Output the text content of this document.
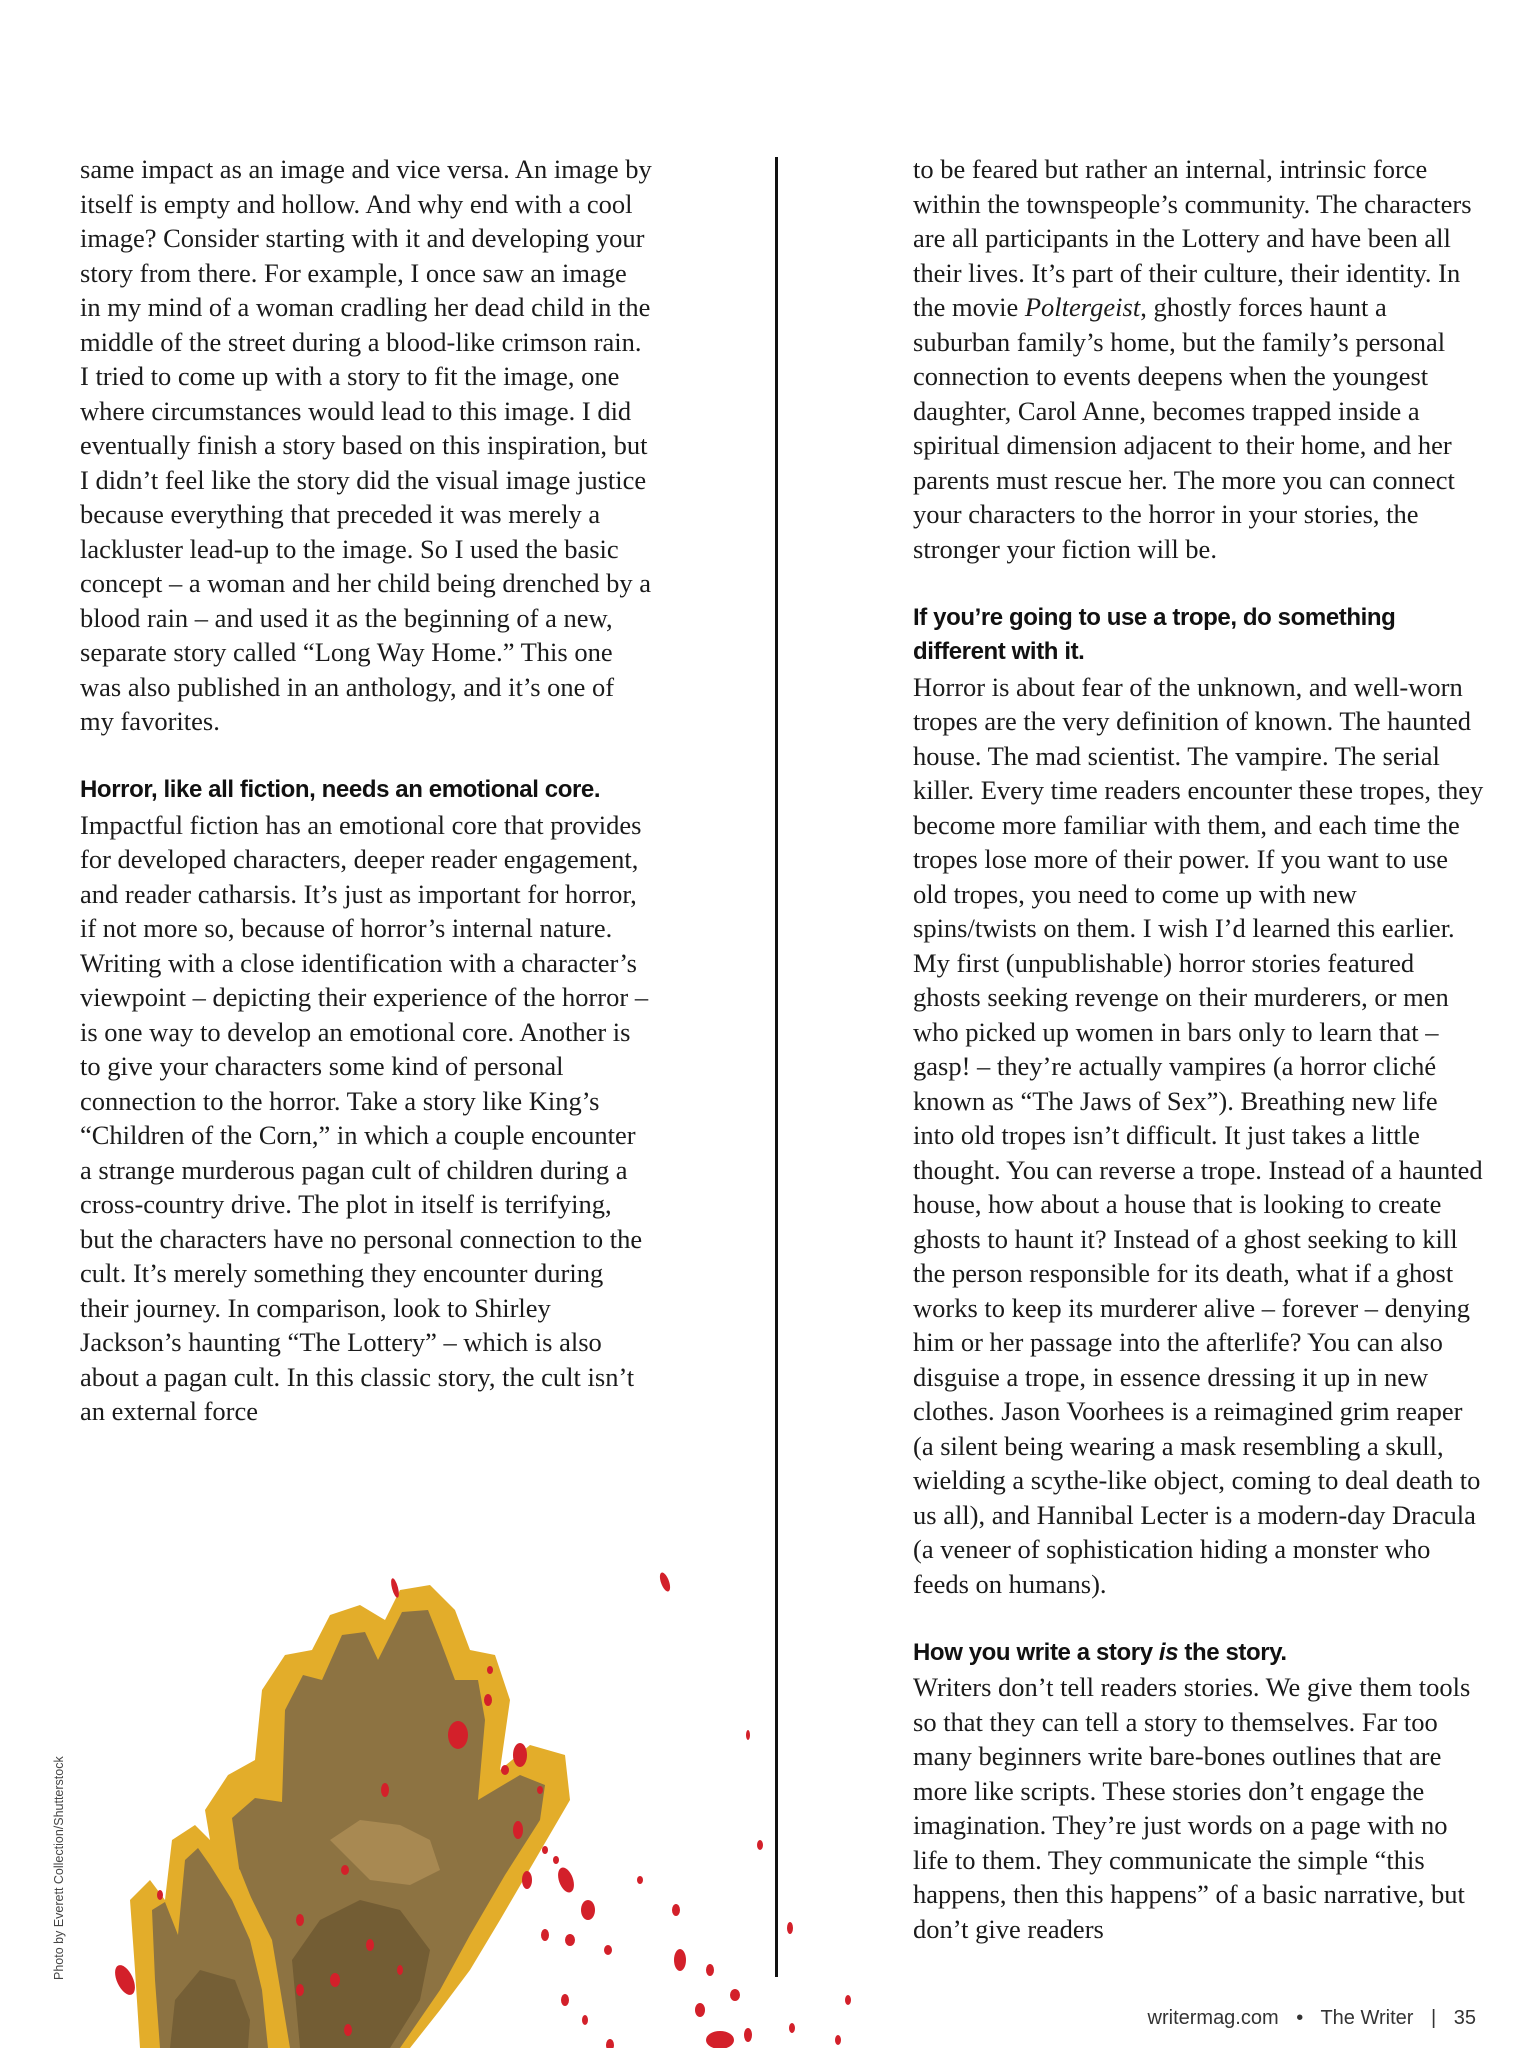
same impact as an image and vice versa. An image by itself is empty and hollow. And why end with a cool image? Consider starting with it and developing your story from there. For example, I once saw an image in my mind of a woman cradling her dead child in the middle of the street during a blood-like crimson rain. I tried to come up with a story to fit the image, one where circumstances would lead to this image. I did eventually finish a story based on this inspiration, but I didn’t feel like the story did the visual image justice because everything that preceded it was merely a lackluster lead-up to the image. So I used the basic concept – a woman and her child being drenched by a blood rain – and used it as the beginning of a new, separate story called “Long Way Home.” This one was also published in an anthology, and it’s one of my favorites.

Horror, like all fiction, needs an emotional core.

Impactful fiction has an emotional core that provides for developed characters, deeper reader engagement, and reader catharsis. It’s just as important for horror, if not more so, because of horror’s internal nature. Writing with a close identification with a character’s viewpoint – depicting their experience of the horror – is one way to develop an emotional core. Another is to give your characters some kind of personal connection to the horror. Take a story like King’s “Children of the Corn,” in which a couple encounter a strange murderous pagan cult of children during a cross-country drive. The plot in itself is terrifying, but the characters have no personal connection to the cult. It’s merely something they encounter during their journey. In comparison, look to Shirley Jackson’s haunting “The Lottery” – which is also about a pagan cult. In this classic story, the cult isn’t an external force

to be feared but rather an internal, intrinsic force within the townspeople’s community. The characters are all participants in the Lottery and have been all their lives. It’s part of their culture, their identity. In the movie Poltergeist, ghostly forces haunt a suburban family’s home, but the family’s personal connection to events deepens when the youngest daughter, Carol Anne, becomes trapped inside a spiritual dimension adjacent to their home, and her parents must rescue her. The more you can connect your characters to the horror in your stories, the stronger your fiction will be.

If you’re going to use a trope, do something different with it.

Horror is about fear of the unknown, and well-worn tropes are the very definition of known. The haunted house. The mad scientist. The vampire. The serial killer. Every time readers encounter these tropes, they become more familiar with them, and each time the tropes lose more of their power. If you want to use old tropes, you need to come up with new spins/twists on them. I wish I’d learned this earlier. My first (unpublishable) horror stories featured ghosts seeking revenge on their murderers, or men who picked up women in bars only to learn that – gasp! – they’re actually vampires (a horror cliché known as “The Jaws of Sex”). Breathing new life into old tropes isn’t difficult. It just takes a little thought. You can reverse a trope. Instead of a haunted house, how about a house that is looking to create ghosts to haunt it? Instead of a ghost seeking to kill the person responsible for its death, what if a ghost works to keep its murderer alive – forever – denying him or her passage into the afterlife? You can also disguise a trope, in essence dressing it up in new clothes. Jason Voorhees is a reimagined grim reaper (a silent being wearing a mask resembling a skull, wielding a scythe-like object, coming to deal death to us all), and Hannibal Lecter is a modern-day Dracula (a veneer of sophistication hiding a monster who feeds on humans).

How you write a story is the story.

Writers don’t tell readers stories. We give them tools so that they can tell a story to themselves. Far too many beginners write bare-bones outlines that are more like scripts. These stories don’t engage the imagination. They’re just words on a page with no life to them. They communicate the simple “this happens, then this happens” of a basic narrative, but don’t give readers

Photo by Everett Collection/Shutterstock
writermag.com • The Writer | 35
